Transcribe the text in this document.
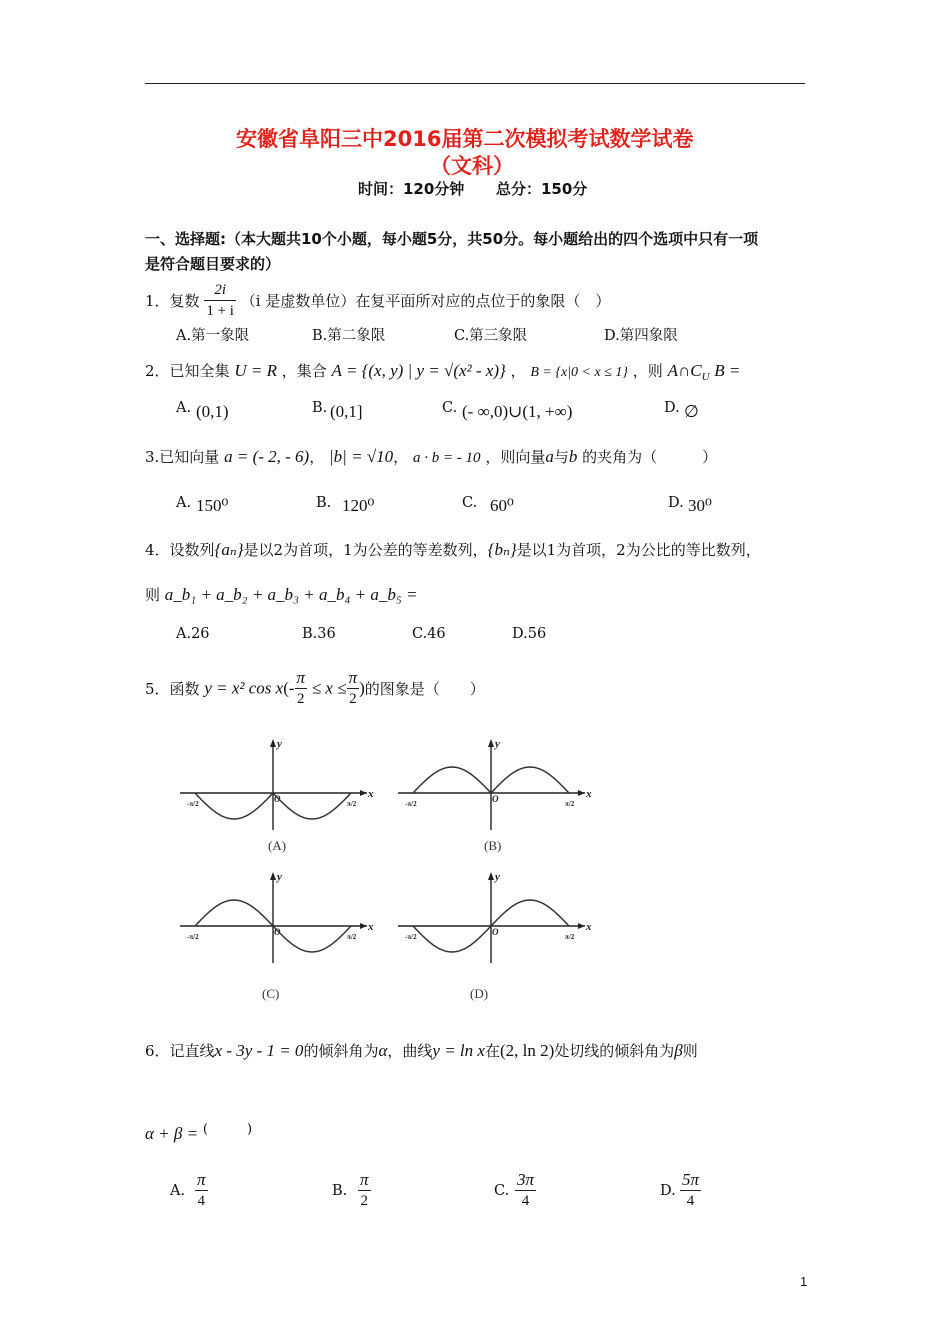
安徽省阜阳三中2016届第二次模拟考试数学试卷
（文科）
时间：120分钟 总分：150分
一、选择题:（本大题共10个小题，每小题5分，共50分。每小题给出的四个选项中只有一项
是符合题目要求的）
1．复数 $\frac{2i}{1 + i} (i$ 是虚数单位）在复平面所对应的点位于的象限（　）
A.第一象限	B.第二象限	C.第三象限	D.第四象限
2．已知全集 U = R ，集合 A = {(x, y) | y = √(x² - x)} ， B = {x|0 < x ≤ 1} ，则 $A\cap C_U$ B =
A. (0,1)	B. (0,1]	C. (- ∞,0)∪(1, +∞)	D. ∅
3.已知向量 a = (- 2, - 6)， |b| = √10， a · b = - 10 ，则向量a与b 的夹角为（　　　）
A. 150⁰	B. 120⁰	C. 60⁰	D. 30⁰
4．设数列{aₙ}是以2为首项，1为公差的等差数列，{bₙ}是以1为首项，2为公比的等比数列，
则 a_b₁ + a_b₂ + a_b₃ + a_b₄ + a_b₅ =
A.26	B.36	C.46	D.56
5．函数 y = x² $\cos x(- \frac{\pi}{2} \le x \le \frac{\pi}{2}$ )的图象是（　　）
y
x
O
-π/2	π/2
y
x
O
-π/2	π/2
y
x
O
-π/2	π/2
y
x
O
-π/2	π/2
(A)	(B)
(C)	(D)
6．记直线x - 3y - 1 = 0的倾斜角为α，曲线y = ln x在(2, ln 2)处切线的倾斜角为β则
α + β = (　　　)
A. $\frac{\pi}{4}$	B. $\frac{\pi}{2}$	C. $\frac{3\pi}{4}$	D. $\frac{5\pi}{4}$
1
